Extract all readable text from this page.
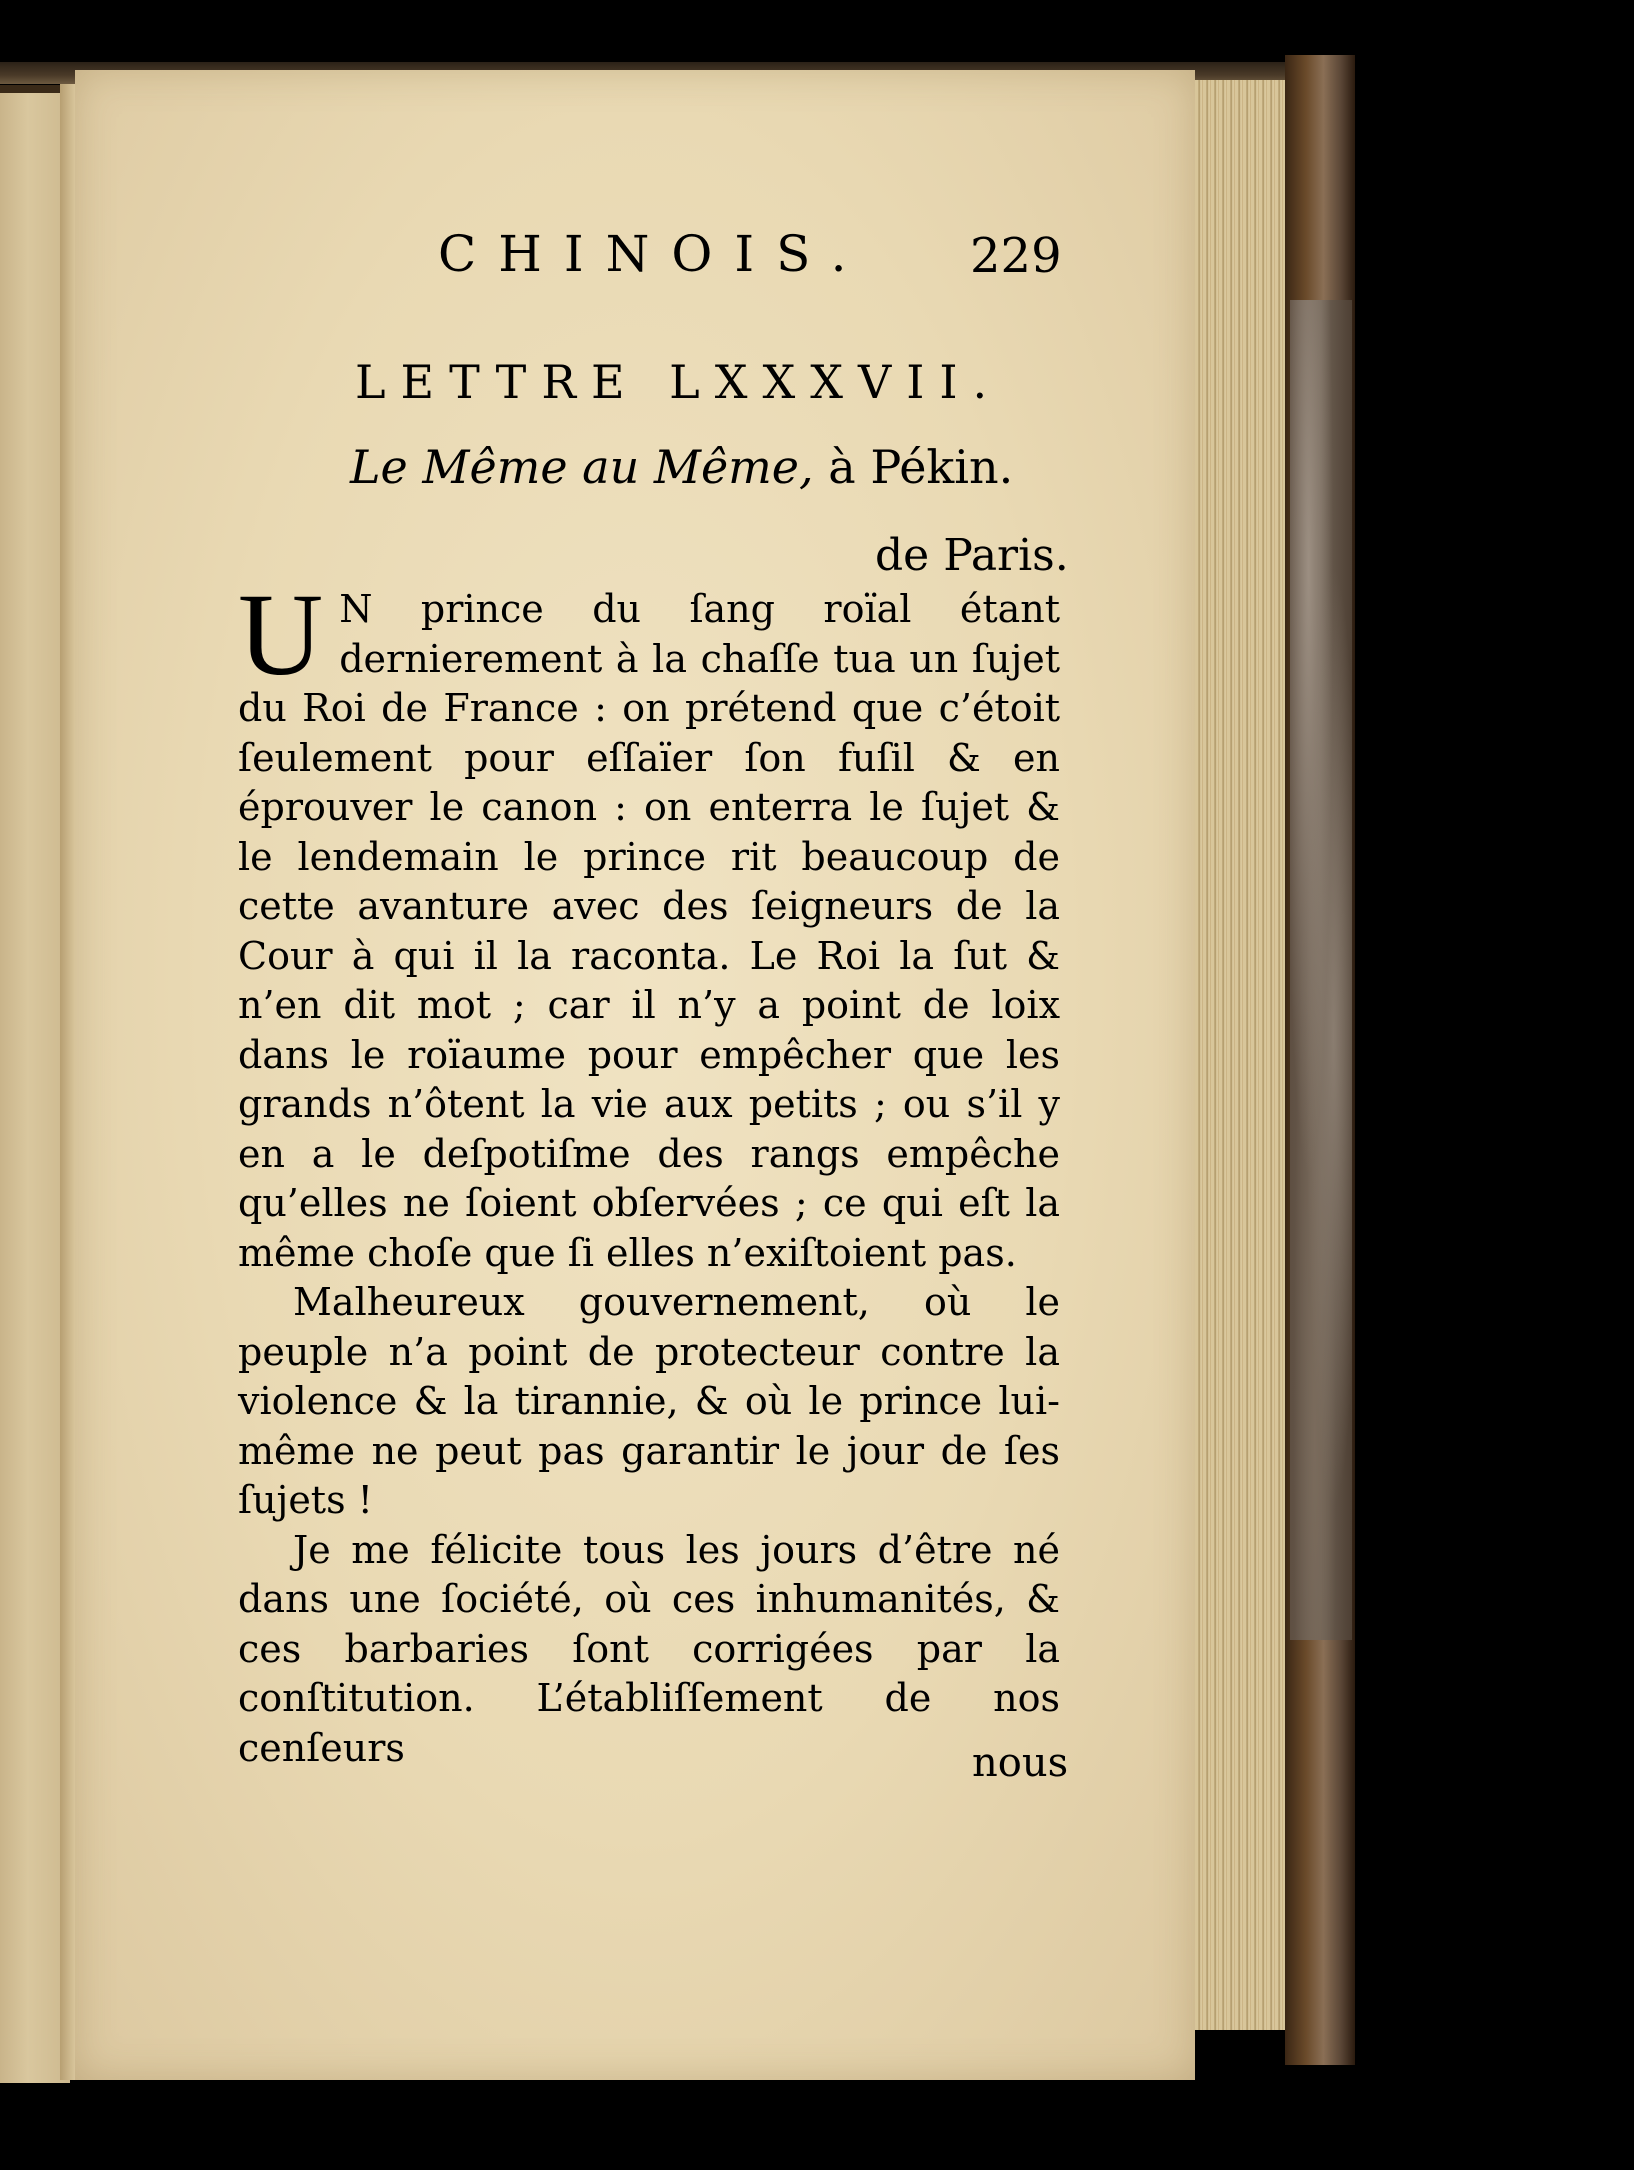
CHINOIS. 229
LETTRE LXXXVII.
Le Même au Même, à Pékin.
de Paris.

U N prince du ſang roïal étant dernierement à la chaſſe tua un ſujet du Roi de France : on prétend que c’étoit ſeulement pour eſſaïer ſon fuſil & en éprouver le canon : on enterra le ſujet & le lendemain le prince rit beaucoup de cette avanture avec des ſeigneurs de la Cour à qui il la raconta. Le Roi la ſut & n’en dit mot ; car il n’y a point de loix dans le roïaume pour empêcher que les grands n’ôtent la vie aux petits ; ou s’il y en a le deſpotiſme des rangs empêche qu’elles ne ſoient obſervées ; ce qui eſt la même choſe que ſi elles n’exiſtoient pas.

Malheureux gouvernement, où le peuple n’a point de protecteur contre la violence & la tirannie, & où le prince lui-même ne peut pas garantir le jour de ſes ſujets !

Je me félicite tous les jours d’être né dans une ſociété, où ces inhumanités, & ces barbaries ſont corrigées par la conſtitution. L’établiſſement de nos cenſeurs	nous
